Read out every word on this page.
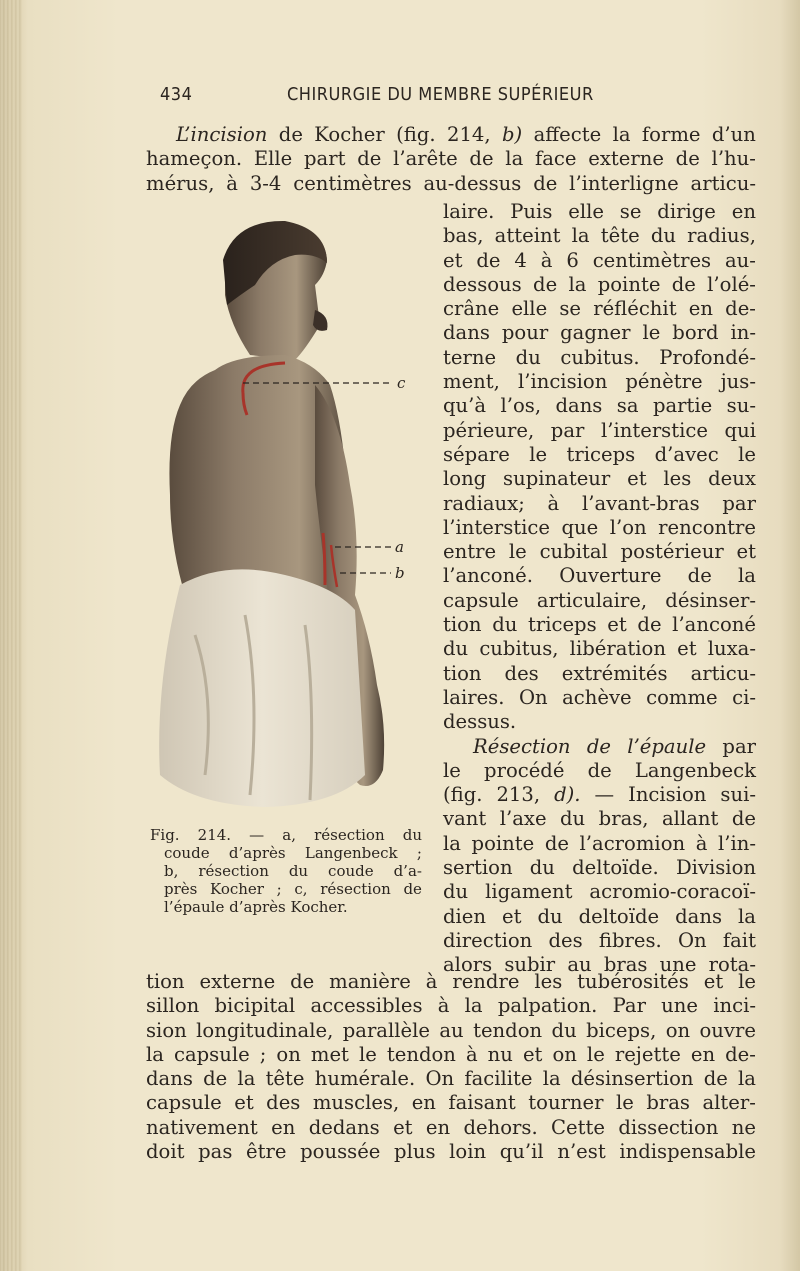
434	CHIRURGIE DU MEMBRE SUPÉRIEUR
L’incision de Kocher (fig. 214, b) affecte la forme d’un
hameçon. Elle part de l’arête de la face externe de l’hu-
mérus, à 3-4 centimètres au-dessus de l’interligne articu-
laire. Puis elle se dirige en
bas, atteint la tête du radius,
et de 4 à 6 centimètres au-
dessous de la pointe de l’olé-
crâne elle se réfléchit en de-
dans pour gagner le bord in-
terne du cubitus. Profondé-
ment, l’incision pénètre jus-
qu’à l’os, dans sa partie su-
périeure, par l’interstice qui
sépare le triceps d’avec le
long supinateur et les deux
radiaux; à l’avant-bras par
l’interstice que l’on rencontre
entre le cubital postérieur et
l’anconé. Ouverture de la
capsule articulaire, désinser-
tion du triceps et de l’anconé
du cubitus, libération et luxa-
tion des extrémités articu-
laires. On achève comme ci-
dessus.
Résection de l’épaule par
le procédé de Langenbeck
(fig. 213, d). — Incision sui-
vant l’axe du bras, allant de
la pointe de l’acromion à l’in-
sertion du deltoïde. Division
du ligament acromio-coracoï-
dien et du deltoïde dans la
direction des fibres. On fait
alors subir au bras une rota-
c
a
b
Fig. 214. — a, résection du
coude d’après Langenbeck ;
b, résection du coude d’a-
près Kocher ; c, résection de
l’épaule d’après Kocher.
tion externe de manière à rendre les tubérosités et le
sillon bicipital accessibles à la palpation. Par une inci-
sion longitudinale, parallèle au tendon du biceps, on ouvre
la capsule ; on met le tendon à nu et on le rejette en de-
dans de la tête humérale. On facilite la désinsertion de la
capsule et des muscles, en faisant tourner le bras alter-
nativement en dedans et en dehors. Cette dissection ne
doit pas être poussée plus loin qu’il n’est indispensable
